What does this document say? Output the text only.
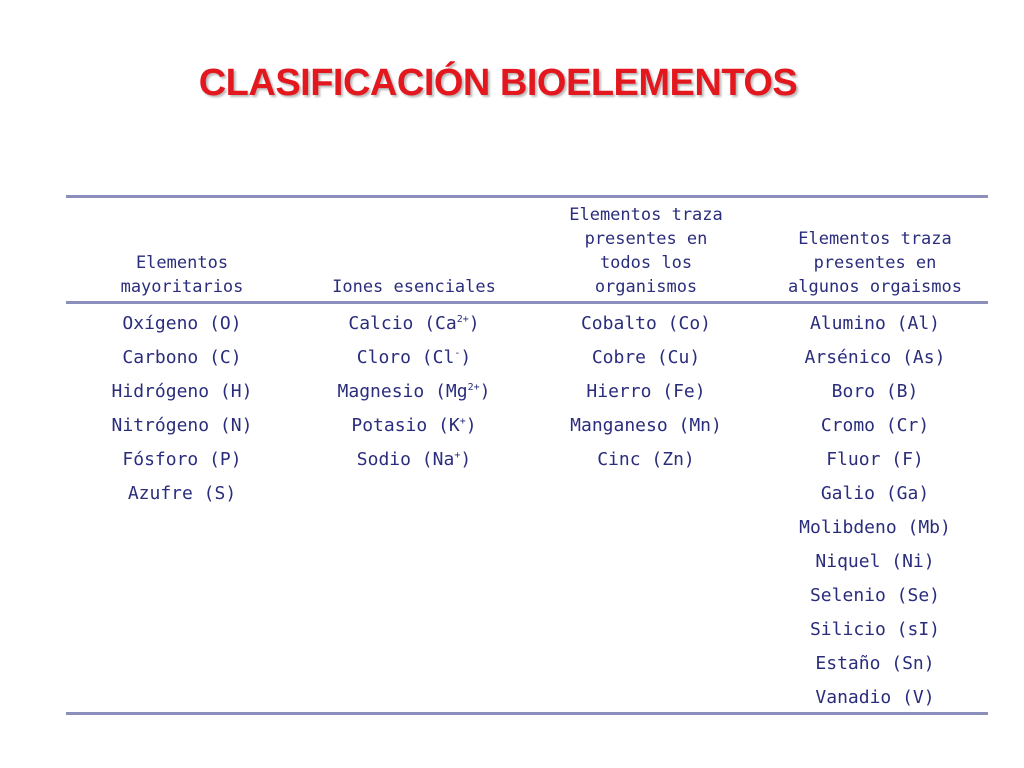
CLASIFICACIÓN BIOELEMENTOS
Elementos
mayoritarios	Iones esenciales
Elementos traza
presentes en
todos los
organismos
Elementos traza
presentes en
algunos orgaismos
Oxígeno (O)
Carbono (C)
Hidrógeno (H)
Nitrógeno (N)
Fósforo (P)
Azufre (S)
Calcio $(Ca^{2+})$
Cloro (Cl-)
Magnesio $(Mg^{2+})$
Potasio (K+)
Sodio (Na+)
Cobalto (Co)
Cobre (Cu)
Hierro (Fe)
Manganeso (Mn)
Cinc (Zn)
Alumino (Al)
Arsénico (As)
Boro (B)
Cromo (Cr)
Fluor (F)
Galio (Ga)
Molibdeno (Mb)
Niquel (Ni)
Selenio (Se)
Silicio (sI)
Estaño (Sn)
Vanadio (V)
